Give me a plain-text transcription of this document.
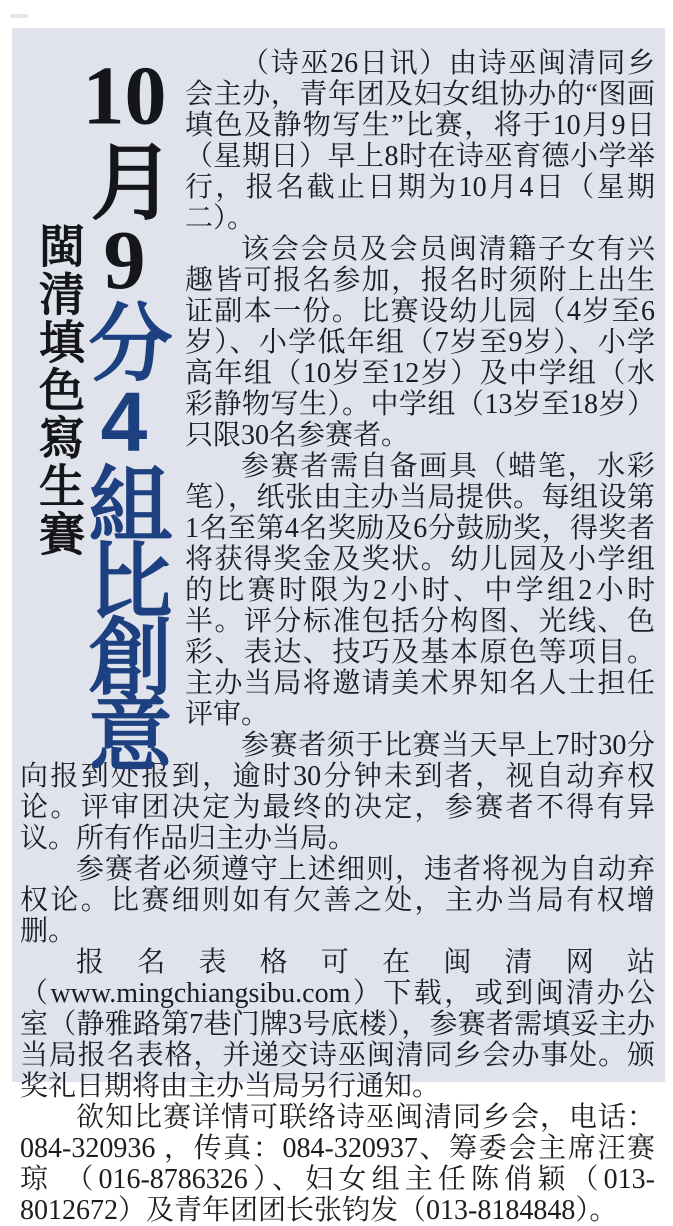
10月9分4組比創意
閩清填色寫生賽

（诗巫26日讯）由诗巫闽清同乡会主办，青年团及妇女组协办的“图画填色及静物写生”比赛，将于10月9日（星期日）早上8时在诗巫育德小学举行，报名截止日期为10月4日（星期二）。

该会会员及会员闽清籍子女有兴趣皆可报名参加，报名时须附上出生证副本一份。比赛设幼儿园（4岁至6岁）、小学低年组（7岁至9岁）、小学高年组（10岁至12岁）及中学组（水彩静物写生）。中学组（13岁至18岁）只限30名参赛者。

参赛者需自备画具（蜡笔，水彩笔），纸张由主办当局提供。每组设第1名至第4名奖励及6分鼓励奖，得奖者将获得奖金及奖状。幼儿园及小学组的比赛时限为2小时、中学组2小时半。评分标准包括分构图、光线、色彩、表达、技巧及基本原色等项目。主办当局将邀请美术界知名人士担任评审。

参赛者须于比赛当天早上7时30分向报到处报到，逾时30分钟未到者，视自动弃权论。评审团决定为最终的决定，参赛者不得有异议。所有作品归主办当局。

参赛者必须遵守上述细则，违者将视为自动弃权论。比赛细则如有欠善之处，主办当局有权增删。

报名表格可在闽清网站（www.mingchiangsibu.com）下载，或到闽清办公室（静雅路第7巷门牌3号底楼），参赛者需填妥主办当局报名表格，并递交诗巫闽清同乡会办事处。颁奖礼日期将由主办当局另行通知。

欲知比赛详情可联络诗巫闽清同乡会，电话：084-320936 ，传真：084-320937、筹委会主席汪赛琼 （016-8786326）、妇女组主任陈俏颖（013-8012672）及青年团团长张钧发（013-8184848）。
